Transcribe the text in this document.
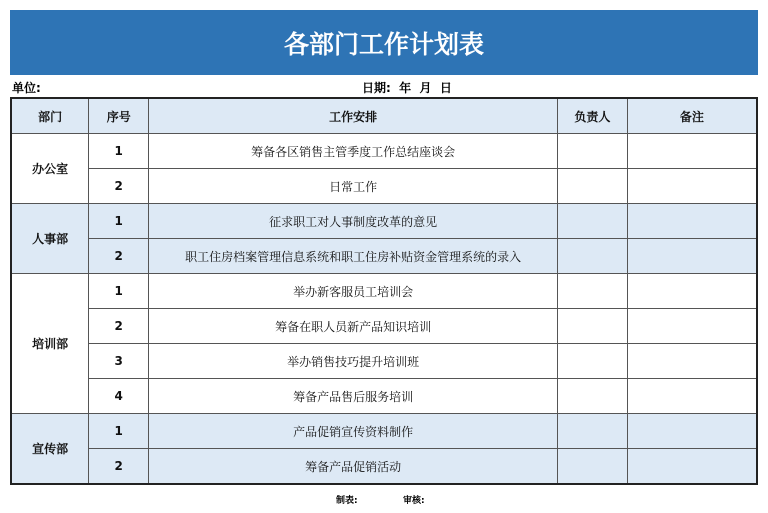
各部门工作计划表
单位:	日期:  年  月  日
部门	序号	工作安排	负责人	备注
办公室	1	筹备各区销售主管季度工作总结座谈会		
	2	日常工作		
人事部	1	征求职工对人事制度改革的意见		
	2	职工住房档案管理信息系统和职工住房补贴资金管理系统的录入		
培训部	1	举办新客服员工培训会		
	2	筹备在职人员新产品知识培训		
	3	举办销售技巧提升培训班		
	4	筹备产品售后服务培训		
宣传部	1	产品促销宣传资料制作		
	2	筹备产品促销活动		
制表:	审核:
